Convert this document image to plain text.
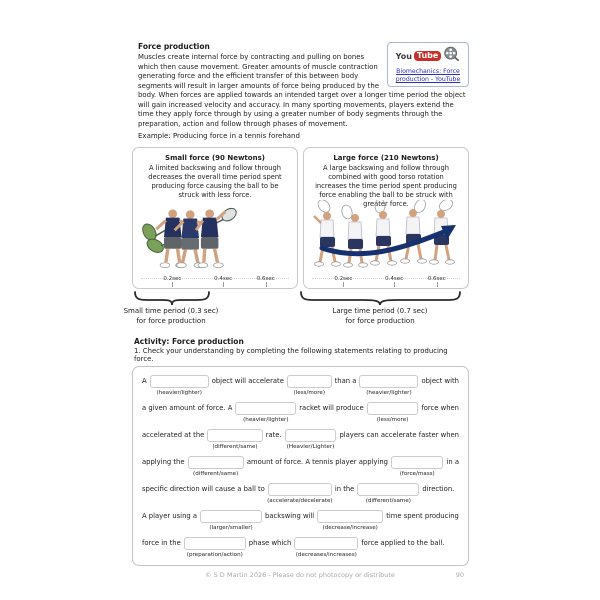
You Tube
Biomechanics: Force production - YouTube
Force production

Muscles create internal force by contracting and pulling on bones which then cause movement. Greater amounts of muscle contraction generating force and the efficient transfer of this between body segments will result in larger amounts of force being produced by the body. When forces are applied towards an intended target over a longer time period the object will gain increased velocity and accuracy. In many sporting movements, players extend the time they apply force through by using a greater number of body segments through the preparation, action and follow through phases of movement.

Example: Producing force in a tennis forehand
Small force (90 Newtons)
A limited backswing and follow through decreases the overall time period spent producing force causing the ball to be struck with less force.
0.2sec	0.4sec	0.6sec
Large force (210 Newtons)
A large backswing and follow through combined with good torso rotation increases the time period spent producing force enabling the ball to be struck with greater force.
0.2sec	0.4sec	0.6sec
Small time period (0.3 sec)
for force production
Large time period (0.7 sec)
for force production
Activity: Force production
1. Check your understanding by completing the following statements relating to producing force.
A
(heavier/lighter)
object will accelerate
(less/more)
than a
(heavier/lighter)
object with
a given amount of force. A
(heavier/lighter)
racket will produce
(less/more)
force when
accelerated at the
(different/same)
rate.
(Heavier/Lighter)
players can accelerate faster when
applying the
(different/same)
amount of force. A tennis player applying
(force/mass)
in a
specific direction will cause a ball to
(accelerate/decelerate)
in the
(different/same)
direction.
A player using a
(larger/smaller)
backswing will
(decrease/increase)
time spent producing
force in the
(preparation/action)
phase which
(decreases/increases)
force applied to the ball.
© S D Martin 2026 - Please do not photocopy or distribute	90
